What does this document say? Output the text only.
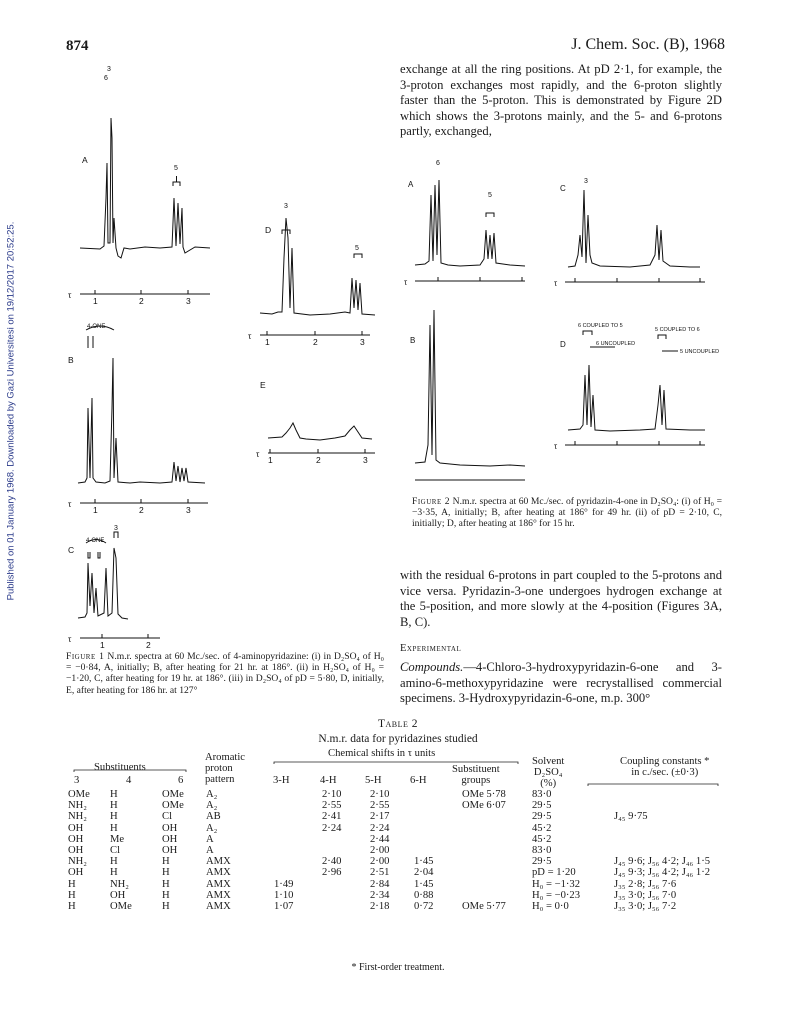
874	J. Chem. Soc. (B), 1968
Published on 01 January 1968. Downloaded by Gazi Universitesi on 19/12/2017 20:52:25.
exchange at all the ring positions. At pD 2·1, for example, the 3-proton exchanges most rapidly, and the 6-proton slightly faster than the 5-proton. This is demonstrated by Figure 2D which shows the 3-protons mainly, and the 5- and 6-protons partly, exchanged,
A
B
C
D
E
τ
τ
τ
τ
τ
1	2	3
1	2	3
1	2
1	2	3
1	2	3
3
6
5
4-ONE
4-ONE
3
3
5
A	C
B	D
τ	τ
τ
6 COUPLED TO 5
5 COUPLED TO 6
6 UNCOUPLED
5 UNCOUPLED
6
5
3
Figure 2 N.m.r. spectra at 60 Mc./sec. of pyridazin-4-one in D₂SO₄: (i) of H₀ = −3·35, A, initially; B, after heating at 186° for 49 hr. (ii) of pD = 2·10, C, initially; D, after heating at 186° for 15 hr.
with the residual 6-protons in part coupled to the 5-protons and vice versa. Pyridazin-3-one undergoes hydrogen exchange at the 5-position, and more slowly at the 4-position (Figures 3A, B, C).
Experimental
Compounds.—4-Chloro-3-hydroxypyridazin-6-one and 3-amino-6-methoxypyridazine were recrystallised commercial specimens. 3-Hydroxypyridazin-6-one, m.p. 300°
Figure 1 N.m.r. spectra at 60 Mc./sec. of 4-aminopyridazine: (i) in D₂SO₄ of H₀ = −0·84, A, initially; B, after heating for 21 hr. at 186°. (ii) in H₂SO₄ of H₀ = −1·20, C, after heating for 19 hr. at 186°. (iii) in D₂SO₄ of pD = 5·80, D, initially, E, after heating for 186 hr. at 127°
Table 2
N.m.r. data for pyridazines studied
Substituents
Aromatic
proton
pattern
Chemical shifts in τ units
Substituent
groups
Solvent
D₂SO₄
(%)
Coupling constants *
in c./sec. (±0·3)
3	4	6	3-H	4-H	5-H	6-H
OMe	H	OMe	A₂		2·10	2·10		OMe 5·78	83·0	
NH₂	H	OMe	A₂		2·55	2·55		OMe 6·07	29·5	
NH₂	H	Cl	AB		2·41	2·17			29·5	J₄₅ 9·75
OH	H	OH	A₂		2·24	2·24			45·2	
OH	Me	OH	A			2·44			45·2	
OH	Cl	OH	A			2·00			83·0	
NH₂	H	H	AMX		2·40	2·00	1·45		29·5	J₄₅ 9·6; J₅₆ 4·2; J₄₆ 1·5
OH	H	H	AMX		2·96	2·51	2·04		pD = 1·20	J₄₅ 9·3; J₅₆ 4·2; J₄₆ 1·2
H	NH₂	H	AMX	1·49		2·84	1·45		H₀ = −1·32	J₃₅ 2·8; J₅₆ 7·6
H	OH	H	AMX	1·10		2·34	0·88		H₀ = −0·23	J₃₅ 3·0; J₅₆ 7·0
H	OMe	H	AMX	1·07		2·18	0·72	OMe 5·77	H₀ = 0·0	J₃₅ 3·0; J₅₆ 7·2
* First-order treatment.
